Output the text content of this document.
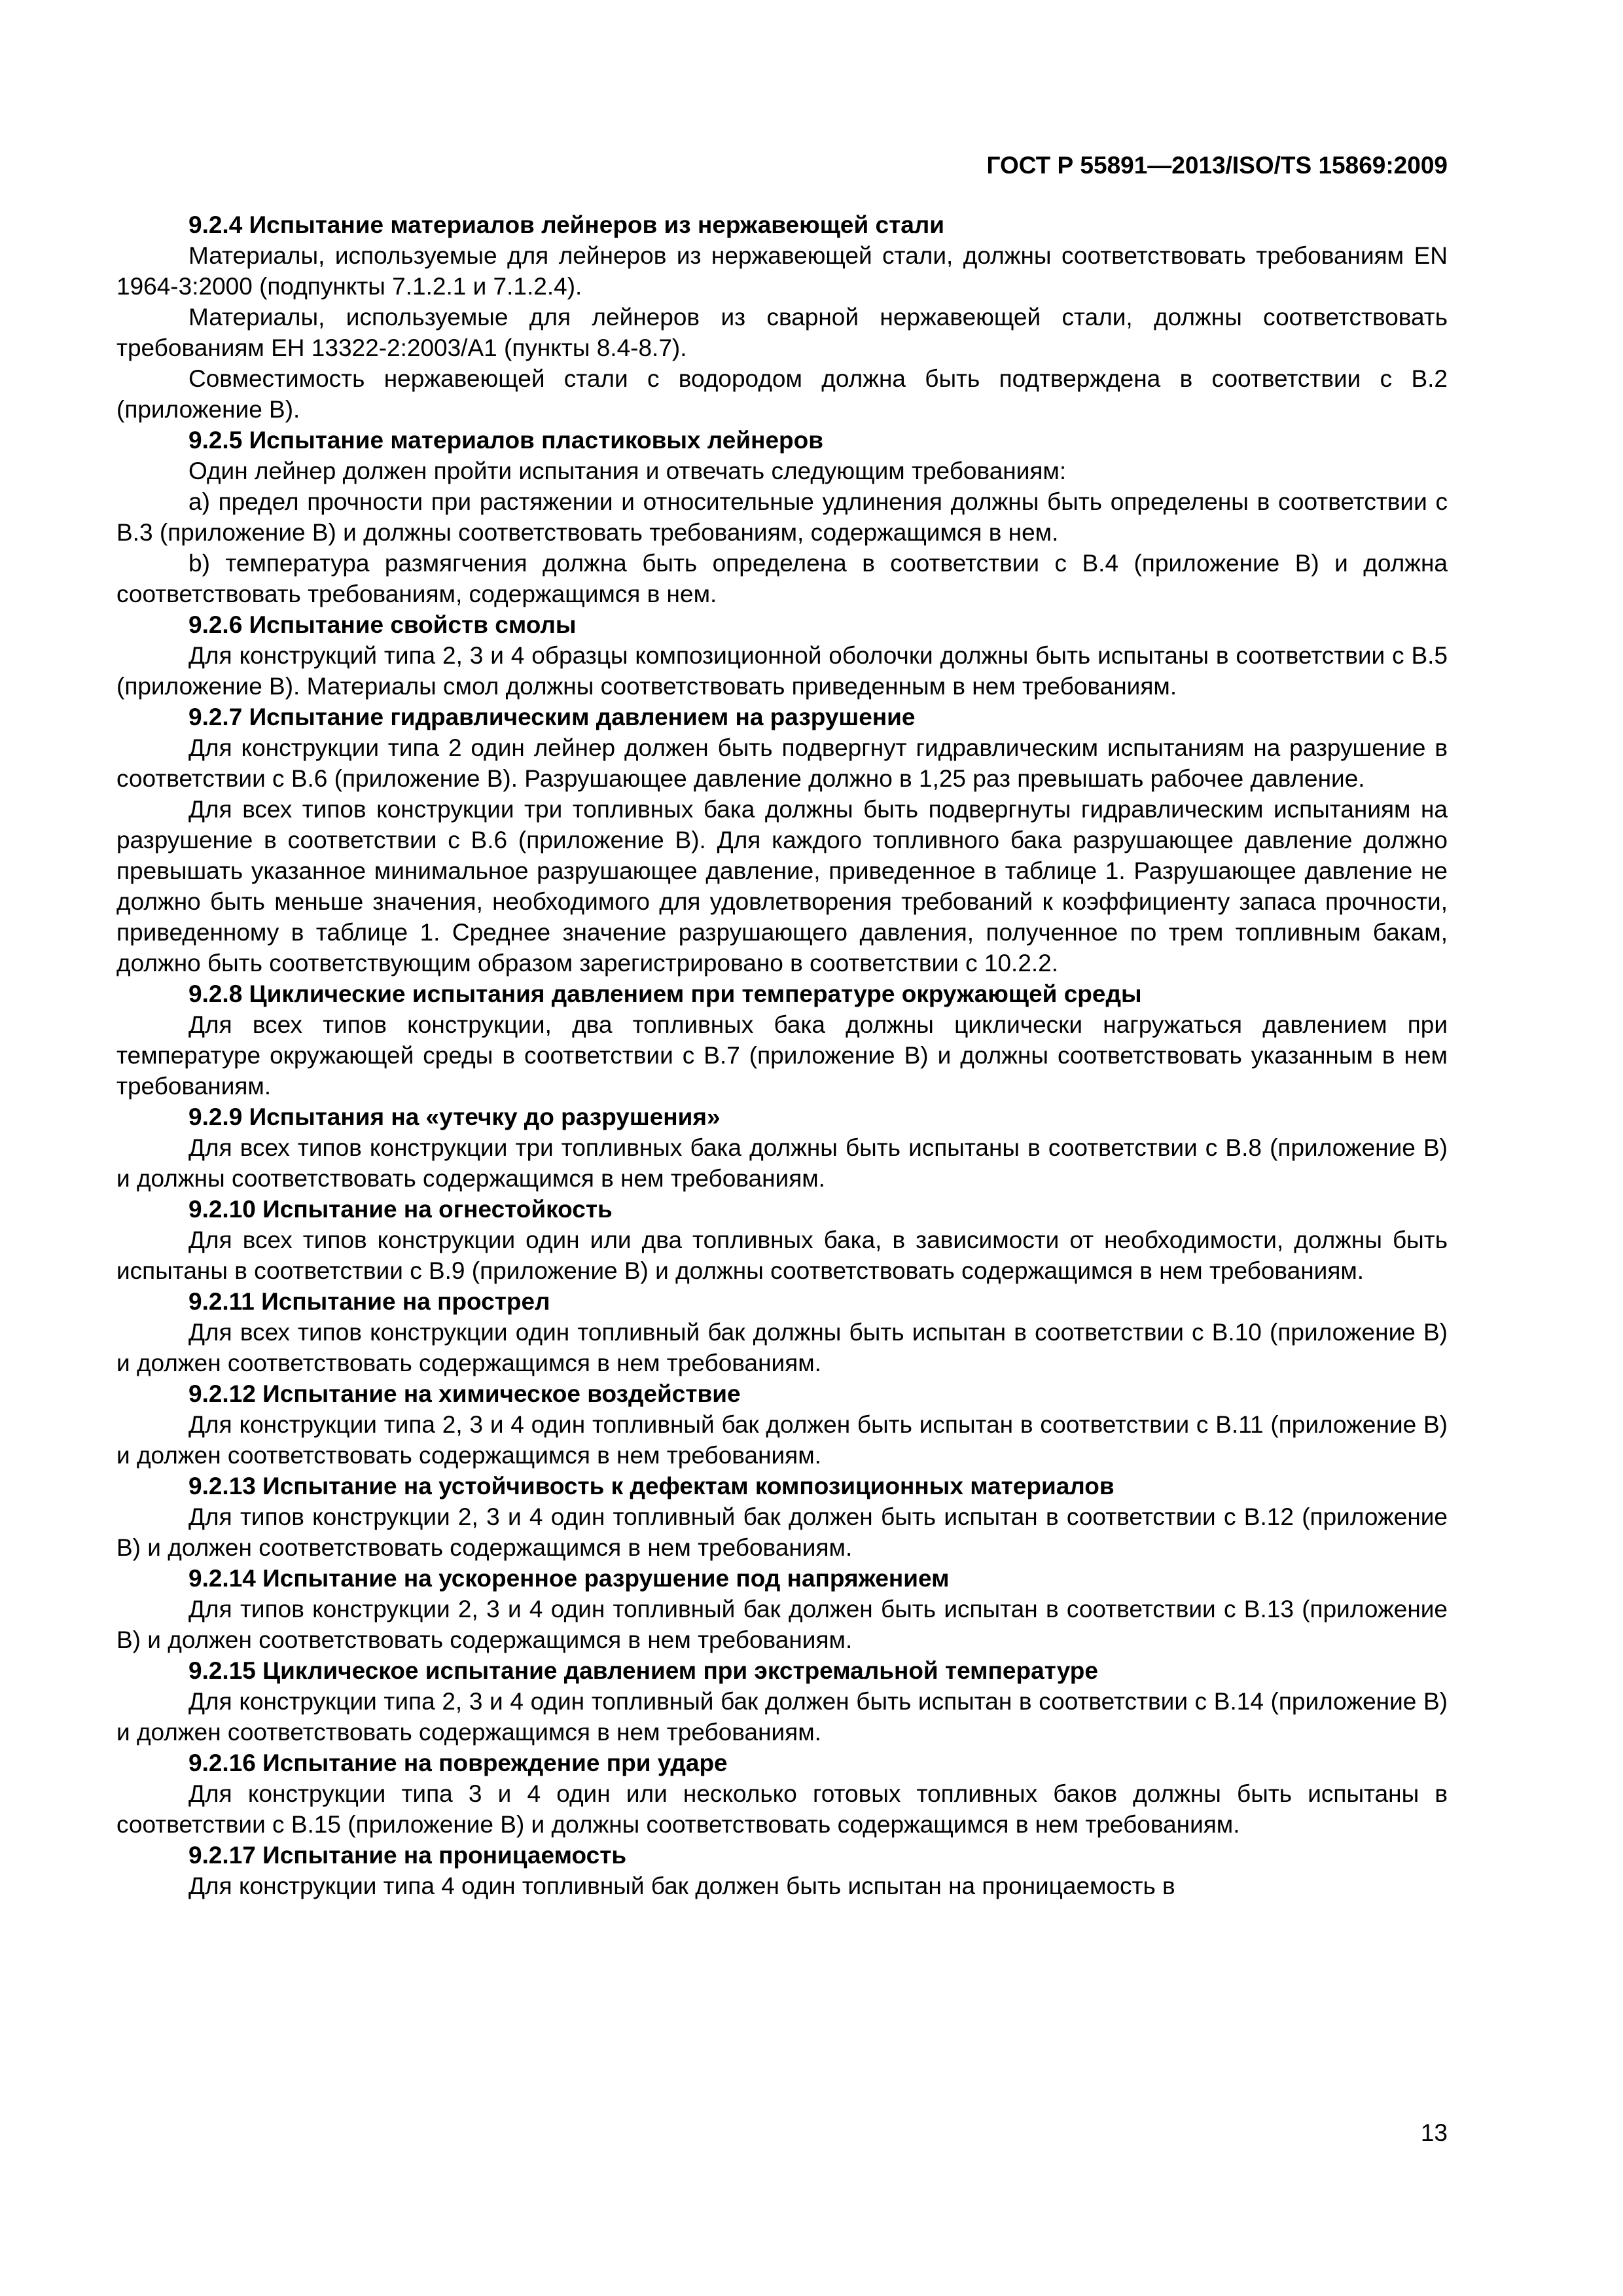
ГОСТ Р 55891—2013/ISO/TS 15869:2009
9.2.4 Испытание материалов лейнеров из нержавеющей стали
Материалы, используемые для лейнеров из нержавеющей стали, должны соответствовать требованиям EN 1964-3:2000 (подпункты 7.1.2.1 и 7.1.2.4).
Материалы, используемые для лейнеров из сварной нержавеющей стали, должны соответствовать требованиям ЕН 13322-2:2003/А1 (пункты 8.4-8.7).
Совместимость нержавеющей стали с водородом должна быть подтверждена в соответствии с В.2 (приложение В).
9.2.5 Испытание материалов пластиковых лейнеров
Один лейнер должен пройти испытания и отвечать следующим требованиям:
a) предел прочности при растяжении и относительные удлинения должны быть определены в соответствии с В.3 (приложение В) и должны соответствовать требованиям, содержащимся в нем.
b) температура размягчения должна быть определена в соответствии с В.4 (приложение В) и должна соответствовать требованиям, содержащимся в нем.
9.2.6 Испытание свойств смолы
Для конструкций типа 2, 3 и 4 образцы композиционной оболочки должны быть испытаны в соответствии с В.5 (приложение В). Материалы смол должны соответствовать приведенным в нем требованиям.
9.2.7 Испытание гидравлическим давлением на разрушение
Для конструкции типа 2 один лейнер должен быть подвергнут гидравлическим испытаниям на разрушение в соответствии с В.6 (приложение В). Разрушающее давление должно в 1,25 раз превышать рабочее давление.
Для всех типов конструкции три топливных бака должны быть подвергнуты гидравлическим испытаниям на разрушение в соответствии с В.6 (приложение В). Для каждого топливного бака разрушающее давление должно превышать указанное минимальное разрушающее давление, приведенное в таблице 1. Разрушающее давление не должно быть меньше значения, необходимого для удовлетворения требований к коэффициенту запаса прочности, приведенному в таблице 1. Среднее значение разрушающего давления, полученное по трем топливным бакам, должно быть соответствующим образом зарегистрировано в соответствии с 10.2.2.
9.2.8 Циклические испытания давлением при температуре окружающей среды
Для всех типов конструкции, два топливных бака должны циклически нагружаться давлением при температуре окружающей среды в соответствии с В.7 (приложение В) и должны соответствовать указанным в нем требованиям.
9.2.9 Испытания на «утечку до разрушения»
Для всех типов конструкции три топливных бака должны быть испытаны в соответствии с В.8 (приложение В) и должны соответствовать содержащимся в нем требованиям.
9.2.10 Испытание на огнестойкость
Для всех типов конструкции один или два топливных бака, в зависимости от необходимости, должны быть испытаны в соответствии с В.9 (приложение В) и должны соответствовать содержащимся в нем требованиям.
9.2.11 Испытание на прострел
Для всех типов конструкции один топливный бак должны быть испытан в соответствии с В.10 (приложение В) и должен соответствовать содержащимся в нем требованиям.
9.2.12 Испытание на химическое воздействие
Для конструкции типа 2, 3 и 4 один топливный бак должен быть испытан в соответствии с В.11 (приложение В) и должен соответствовать содержащимся в нем требованиям.
9.2.13 Испытание на устойчивость к дефектам композиционных материалов
Для типов конструкции 2, 3 и 4 один топливный бак должен быть испытан в соответствии с В.12 (приложение В) и должен соответствовать содержащимся в нем требованиям.
9.2.14 Испытание на ускоренное разрушение под напряжением
Для типов конструкции 2, 3 и 4 один топливный бак должен быть испытан в соответствии с В.13 (приложение В) и должен соответствовать содержащимся в нем требованиям.
9.2.15 Циклическое испытание давлением при экстремальной температуре
Для конструкции типа 2, 3 и 4 один топливный бак должен быть испытан в соответствии с В.14 (приложение В) и должен соответствовать содержащимся в нем требованиям.
9.2.16 Испытание на повреждение при ударе
Для конструкции типа 3 и 4 один или несколько готовых топливных баков должны быть испытаны в соответствии с В.15 (приложение В) и должны соответствовать содержащимся в нем требованиям.
9.2.17 Испытание на проницаемость
Для конструкции типа 4 один топливный бак должен быть испытан на проницаемость в
13
